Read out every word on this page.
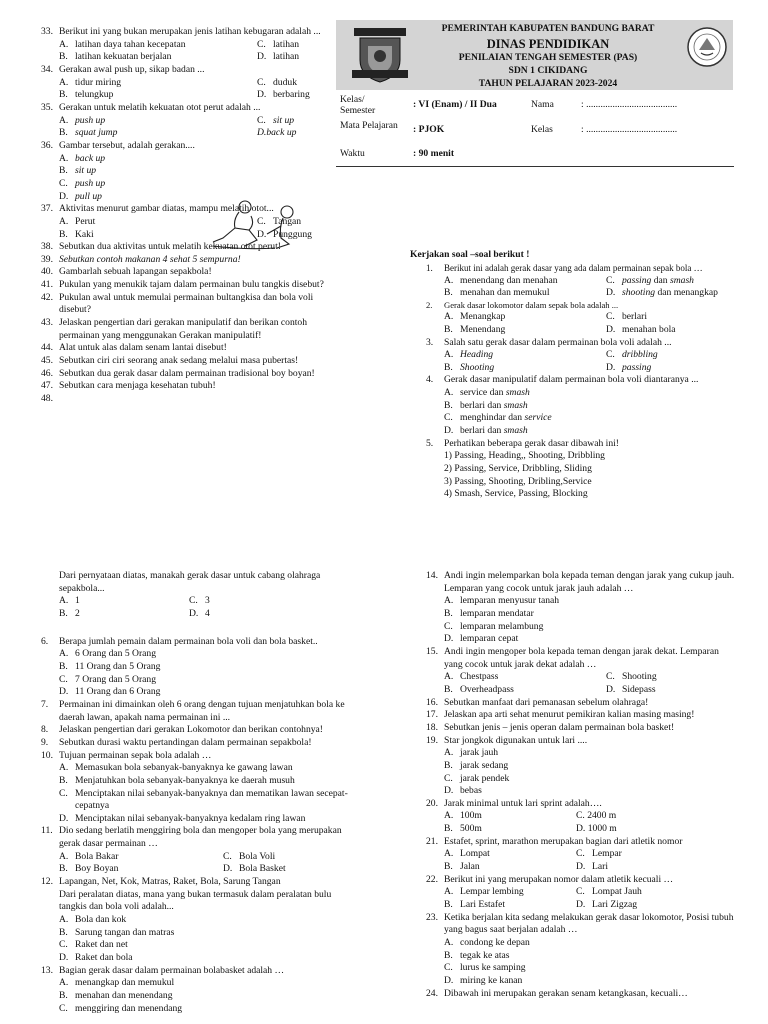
PEMERINTAH KABUPATEN BANDUNG BARAT
DINAS PENDIDIKAN
PENILAIAN TENGAH SEMESTER (PAS)
SDN 1 CIKIDANG
TAHUN PELAJARAN 2023-2024
Kelas/
Semester
: VI (Enam) / II Dua	Nama	: ......................................
Mata Pelajaran : PJOK	Kelas	: ......................................
Waktu	: 90 menit
33. Berikut ini yang bukan merupakan jenis latihan kebugaran adalah ...
A. latihan daya tahan kecepatan	C. latihan
B. latihan kekuatan berjalan	D. latihan
34. Gerakan awal push up, sikap badan ...
A. tidur miring	C. duduk
B. telungkup	D. berbaring
35. Gerakan untuk melatih kekuatan otot perut adalah ...
A. push up	C. sit up
B. squat jump	D.back up
36. Gambar tersebut, adalah gerakan....
A. back up
B. sit up
C. push up
D. pull up
37. Aktivitas menurut gambar diatas, mampu melatih otot...
A. Perut	C. Tangan
B. Kaki	D. Punggung
38. Sebutkan dua aktivitas untuk melatih kekuatan otot perut!
39. Sebutkan contoh makanan 4 sehat 5 sempurna!
40. Gambarlah sebuah lapangan sepakbola!
41. Pukulan yang menukik tajam dalam permainan bulu tangkis disebut?
42. Pukulan awal untuk memulai permainan bultangkisa dan bola voli disebut?
43. Jelaskan pengertian dari gerakan manipulatif dan berikan contoh permainan yang menggunakan Gerakan manipulatif!
44. Alat untuk alas dalam senam lantai disebut!
45. Sebutkan ciri ciri seorang anak sedang melalui masa pubertas!
46. Sebutkan dua gerak dasar dalam permainan tradisional boy boyan!
47. Sebutkan cara menjaga kesehatan tubuh!
48.
Kerjakan soal –soal berikut !
1. Berikut ini adalah gerak dasar yang ada dalam permainan sepak bola …
A. menendang dan menahan	C. passing dan smash
B. menahan dan memukul	D. shooting dan menangkap
2. Gerak dasar lokomotor dalam sepak bola adalah ...
A. Menangkap	C. berlari
B. Menendang	D. menahan bola
3. Salah satu gerak dasar dalam permainan bola voli adalah ...
A. Heading	C. dribbling
B. Shooting	D. passing
4. Gerak dasar manipulatif dalam permainan bola voli diantaranya ...
A. service dan smash
B. berlari dan smash
C. menghindar dan service
D. berlari dan smash
5. Perhatikan beberapa gerak dasar dibawah ini!
1) Passing, Heading,, Shooting, Dribbling
2) Passing, Service, Dribbling, Sliding
3) Passing, Shooting, Dribling,Service
4) Smash, Service, Passing, Blocking
Dari pernyataan diatas, manakah gerak dasar untuk cabang olahraga sepakbola...
A. 1	C. 3
B. 2	D. 4
6. Berapa jumlah pemain dalam permainan bola voli dan bola basket..
A. 6 Orang dan 5 Orang
B. 11 Orang dan 5 Orang
C. 7 Orang dan 5 Orang
D. 11 Orang dan 6 Orang
7. Permainan ini dimainkan oleh 6 orang dengan tujuan menjatuhkan bola ke daerah lawan, apakah nama permainan ini ...
8. Jelaskan pengertian dari gerakan Lokomotor dan berikan contohnya!
9. Sebutkan durasi waktu pertandingan dalam permainan sepakbola!
10. Tujuan permainan sepak bola adalah …
A. Memasukan bola sebanyak-banyaknya ke gawang lawan
B. Menjatuhkan bola sebanyak-banyaknya ke daerah musuh
C. Menciptakan nilai sebanyak-banyaknya dan mematikan lawan secepat-cepatnya
D. Menciptakan nilai sebanyak-banyaknya kedalam ring lawan
11. Dio sedang berlatih menggiring bola dan mengoper bola yang merupakan gerak dasar permainan …
A. Bola Bakar	C. Bola Voli
B. Boy Boyan	D. Bola Basket
12. Lapangan, Net, Kok, Matras, Raket, Bola, Sarung Tangan
Dari peralatan diatas, mana yang bukan termasuk dalam peralatan bulu tangkis dan bola voli adalah...
A. Bola dan kok
B. Sarung tangan dan matras
C. Raket dan net
D. Raket dan bola
13. Bagian gerak dasar dalam permainan bolabasket adalah …
A. menangkap dan memukul
B. menahan dan menendang
C. menggiring dan menendang
14. Andi ingin melemparkan bola kepada teman dengan jarak yang cukup jauh. Lemparan yang cocok untuk jarak jauh adalah …
A. lemparan menyusur tanah
B. lemparan mendatar
C. lemparan melambung
D. lemparan cepat
15. Andi ingin mengoper bola kepada teman dengan jarak dekat. Lemparan yang cocok untuk jarak dekat adalah …
A. Chestpass	C. Shooting
B. Overheadpass	D. Sidepass
16. Sebutkan manfaat dari pemanasan sebelum olahraga!
17. Jelaskan apa arti sehat menurut pemikiran kalian masing masing!
18. Sebutkan jenis – jenis operan dalam permainan bola basket!
19. Star jongkok digunakan untuk lari ....
A. jarak jauh
B. jarak sedang
C. jarak pendek
D. bebas
20. Jarak minimal untuk lari sprint adalah….
A. 100m	C. 2400 m
B. 500m	D. 1000 m
21. Estafet, sprint, marathon merupakan bagian dari atletik nomor
A. Lompat	C. Lempar
B. Jalan	D. Lari
22. Berikut ini yang merupakan nomor dalam atletik kecuali …
A. Lempar lembing	C. Lompat Jauh
B. Lari Estafet	D. Lari Zigzag
23. Ketika berjalan kita sedang melakukan gerak dasar lokomotor, Posisi tubuh yang bagus saat berjalan adalah …
A. condong ke depan
B. tegak ke atas
C. lurus ke samping
D. miring ke kanan
24. Dibawah ini merupakan gerakan senam ketangkasan, kecuali…
